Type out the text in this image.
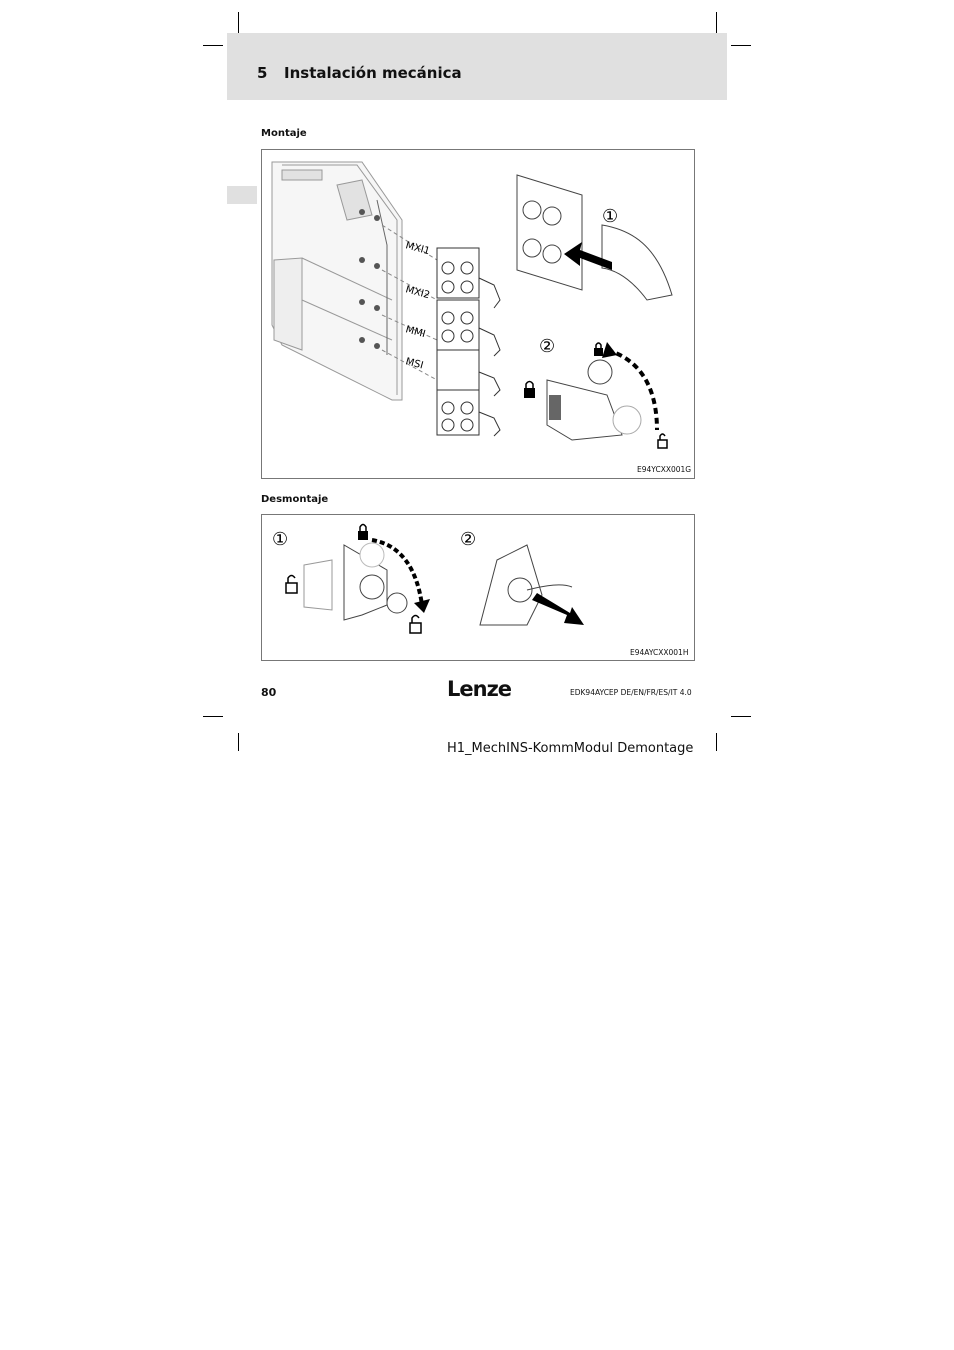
5 Instalación mecánica
Montaje
MXI1
MXI2
MMI
MSI
①
②
E94YCXX001G
Desmontaje
①	②
E94AYCXX001H
80	Lenze	EDK94AYCEP DE/EN/FR/ES/IT 4.0
H1_MechINS-KommModul Demontage
